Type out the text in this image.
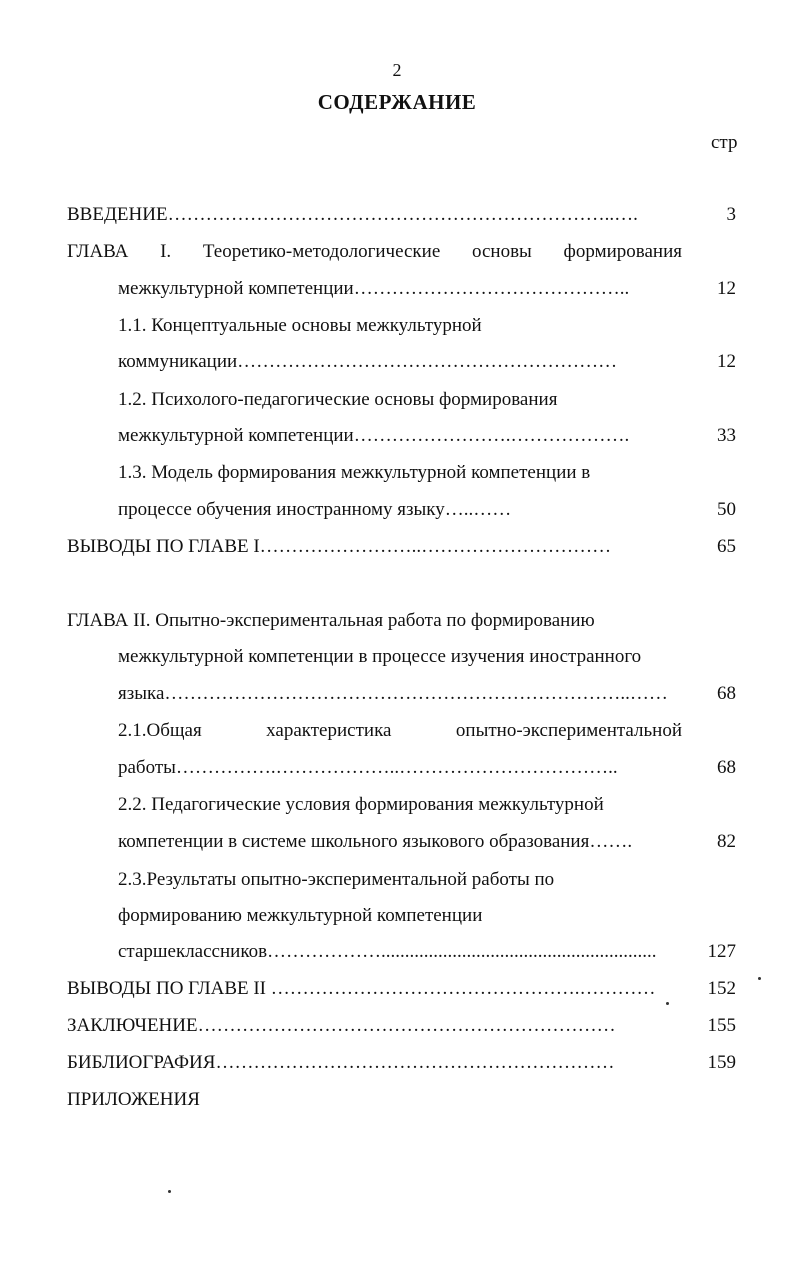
2
СОДЕРЖАНИЕ
стр
ВВЕДЕНИЕ……………………………………………………………..….	3
ГЛАВА I. Теоретико-методологические основы формирования
межкультурной компетенции……………………………………..	12
1.1. Концептуальные основы межкультурной
коммуникации……………………………………………………	12
1.2. Психолого-педагогические основы формирования
межкультурной компетенции…………………….……………….	33
1.3. Модель формирования межкультурной компетенции в
процессе обучения иностранному языку…..……	50
ВЫВОДЫ ПО ГЛАВЕ I……………………..…………………………	65
ГЛАВА II. Опытно-экспериментальная работа по формированию
межкультурной компетенции в процессе изучения иностранного
языка………………………………………………………………..……	68
2.1.Общая характеристика опытно-экспериментальной
работы…………….………………..……………………………..	68
2.2. Педагогические условия формирования межкультурной
компетенции в системе школьного языкового образования…….	82
2.3.Результаты опытно-экспериментальной работы по
формированию межкультурной компетенции
старшеклассников………………..........................................................	127
ВЫВОДЫ ПО ГЛАВЕ II ………………………………………….…………	152
ЗАКЛЮЧЕНИЕ…………………………………………………………	155
БИБЛИОГРАФИЯ………………………………………………………	159
ПРИЛОЖЕНИЯ
